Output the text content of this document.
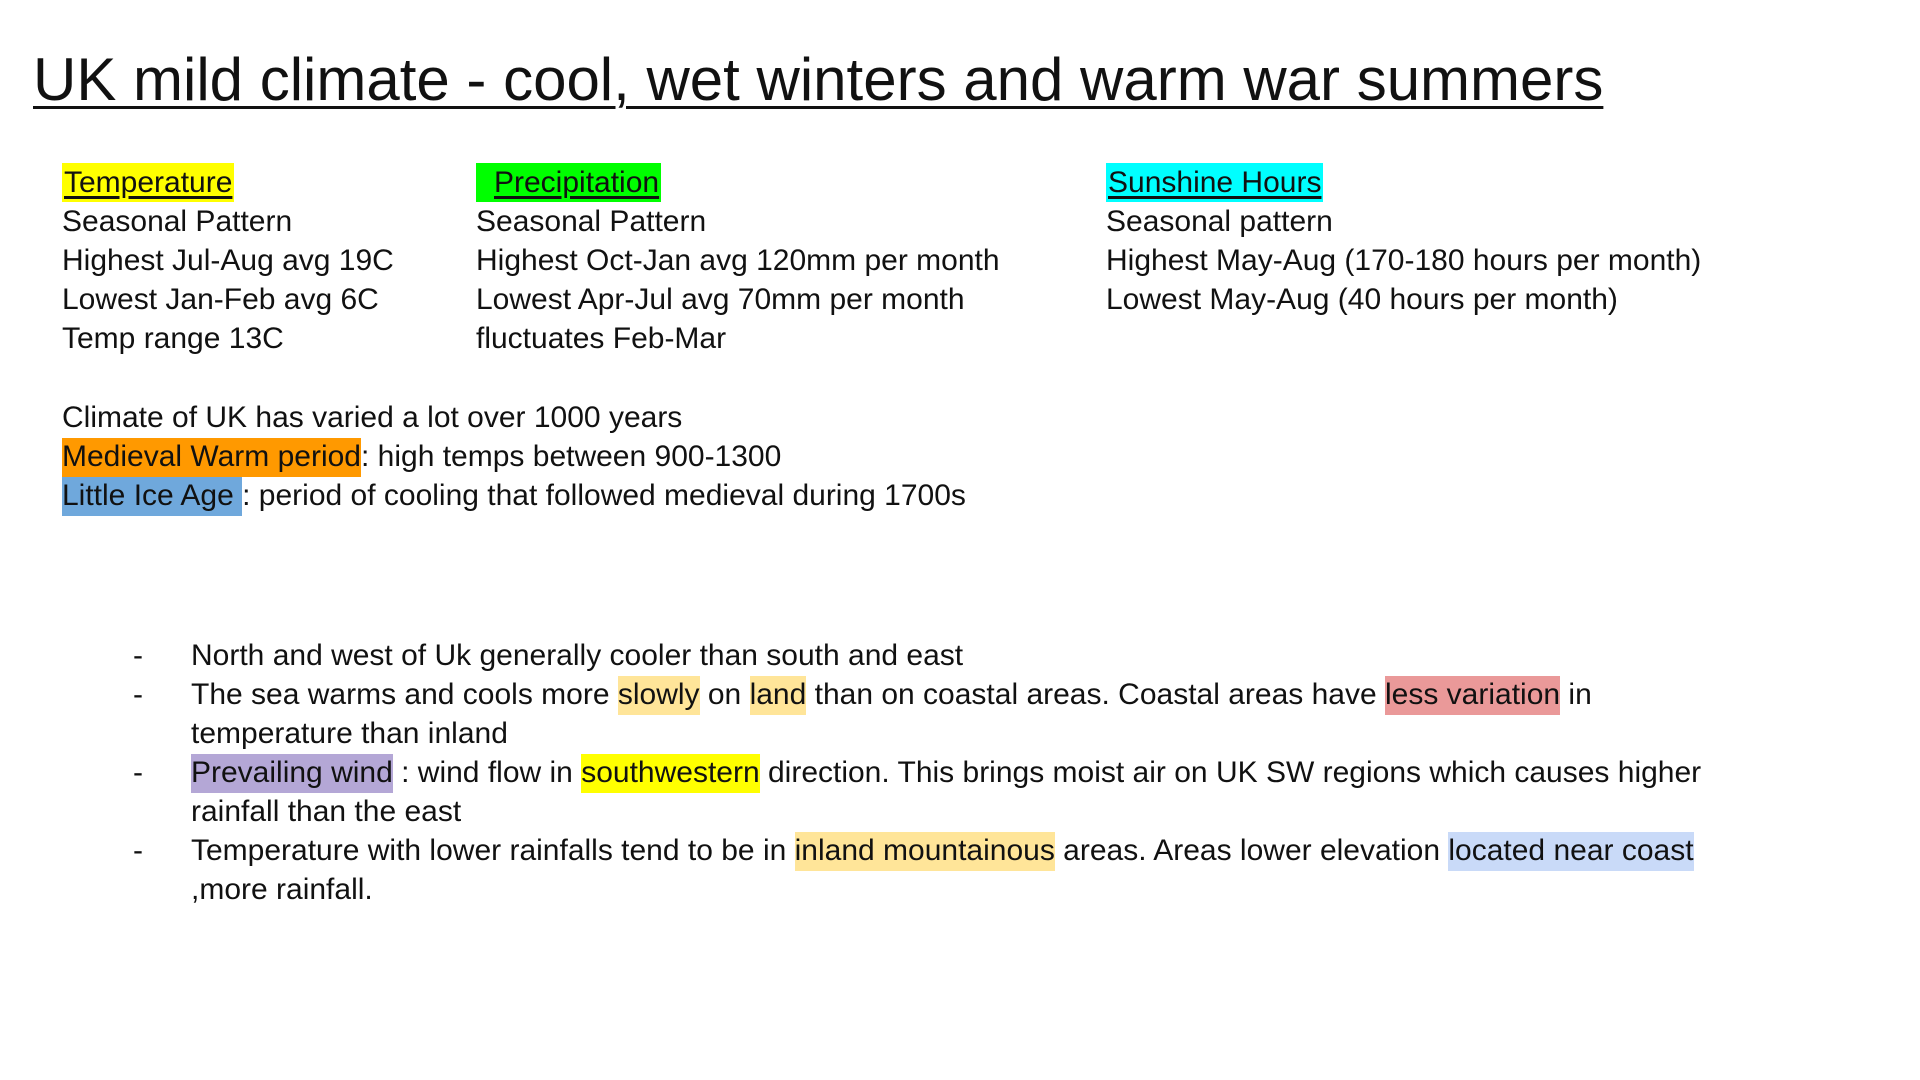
UK mild climate - cool, wet winters and warm war summers
Temperature
Seasonal Pattern
Highest Jul-Aug avg 19C
Lowest Jan-Feb avg 6C
Temp range 13C
Precipitation
Seasonal Pattern
Highest Oct-Jan avg 120mm per month
Lowest Apr-Jul avg 70mm per month
fluctuates Feb-Mar
Sunshine Hours
Seasonal pattern
Highest May-Aug (170-180 hours per month)
Lowest May-Aug (40 hours per month)
Climate of UK has varied a lot over 1000 years
Medieval Warm period: high temps between 900-1300
Little Ice Age : period of cooling that followed medieval during 1700s
- North and west of Uk generally cooler than south and east
- The sea warms and cools more slowly on land than on coastal areas. Coastal areas have less variation in temperature than inland
- Prevailing wind : wind flow in southwestern direction. This brings moist air on UK SW regions which causes higher rainfall than the east
- Temperature with lower rainfalls tend to be in inland mountainous areas. Areas lower elevation located near coast ,more rainfall.
